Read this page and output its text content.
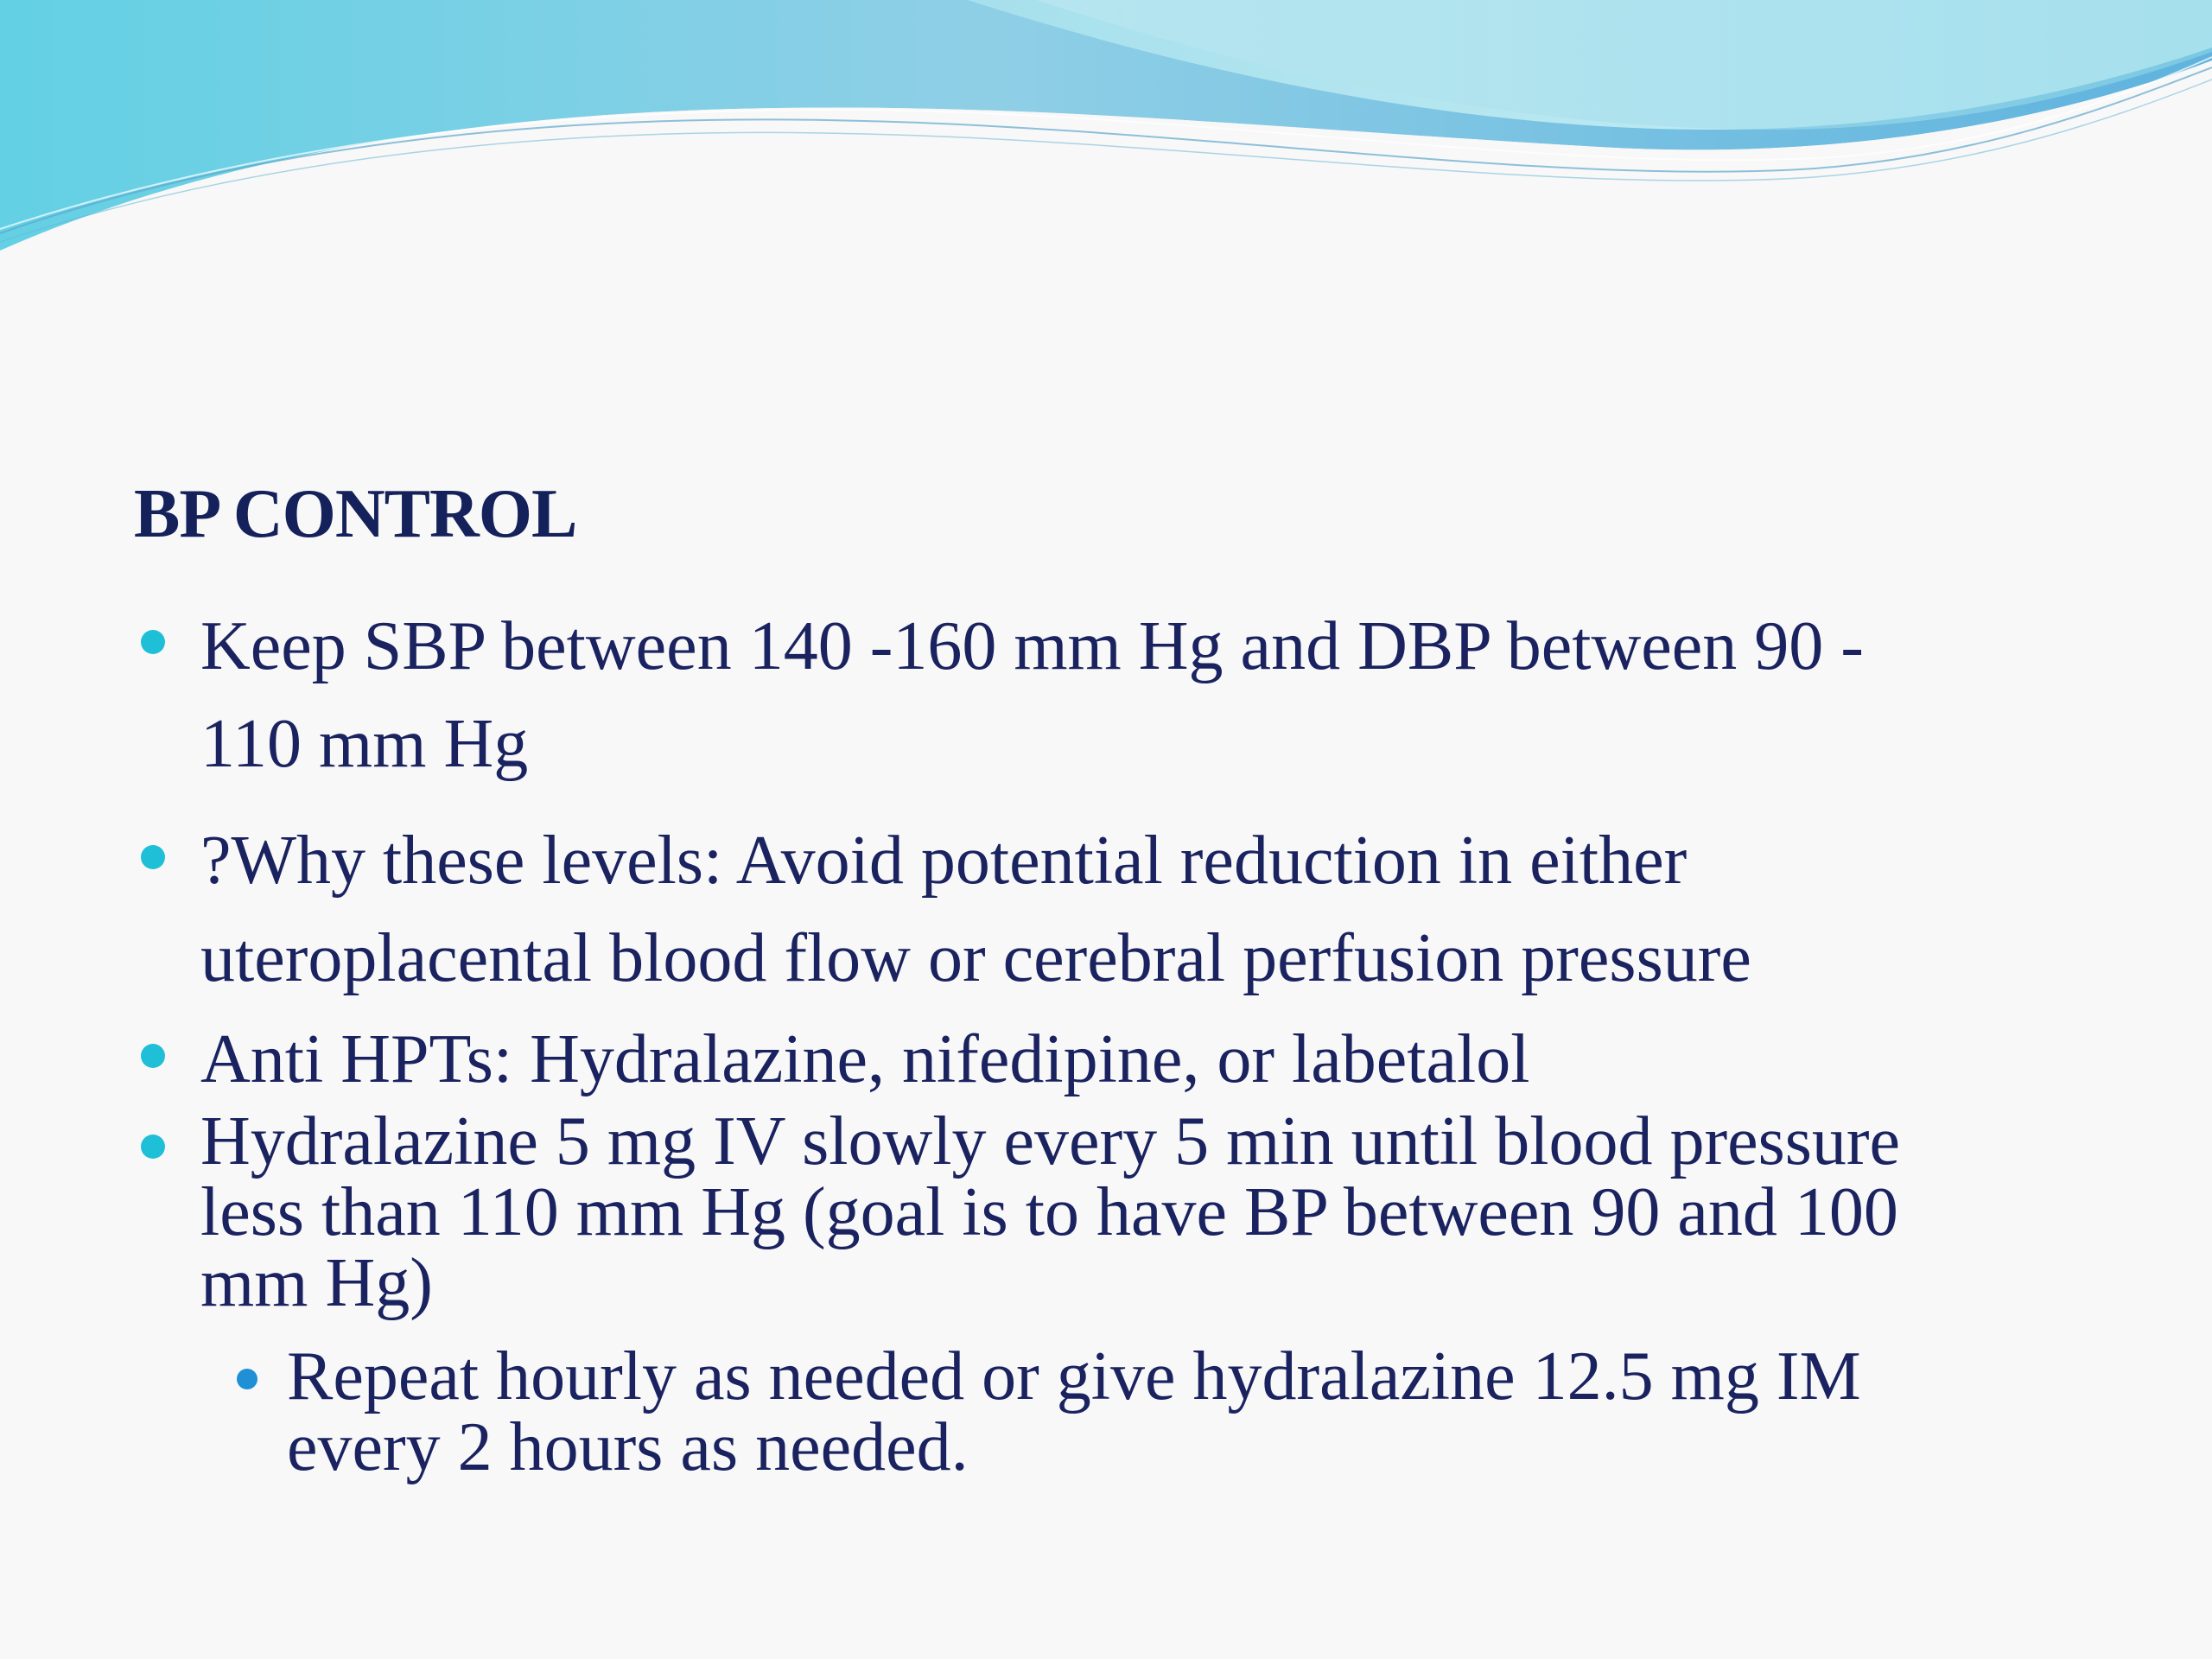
BP CONTROL
Keep SBP between 140 -160 mm Hg and DBP between 90 -
110 mm Hg
?Why these levels: Avoid potential reduction in either
uteroplacental blood flow or cerebral perfusion pressure
Anti HPTs: Hydralazine, nifedipine, or labetalol
Hydralazine 5 mg IV slowly every 5 min until blood pressure
less than 110 mm Hg (goal is to have BP between 90 and 100
mm Hg)
Repeat hourly as needed or give hydralazine 12.5 mg IM
every 2 hours as needed.
